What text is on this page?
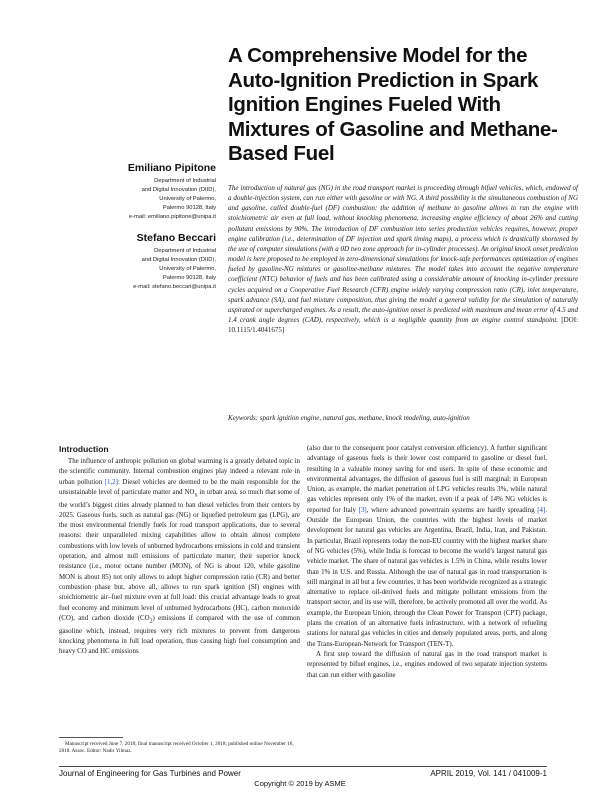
A Comprehensive Model for the Auto-Ignition Prediction in Spark Ignition Engines Fueled With Mixtures of Gasoline and Methane-Based Fuel
Emiliano Pipitone
Department of Industrial
and Digital Innovation (DIID),
University of Palermo,
Palermo 90128, Italy
e-mail: emiliano.pipitone@unipa.it
Stefano Beccari
Department of Industrial
and Digital Innovation (DIID),
University of Palermo,
Palermo 90128, Italy
e-mail: stefano.beccari@unipa.it
The introduction of natural gas (NG) in the road transport market is proceeding through bifuel vehicles, which, endowed of a double-injection system, can run either with gasoline or with NG. A third possibility is the simultaneous combustion of NG and gasoline, called double-fuel (DF) combustion: the addition of methane to gasoline allows to run the engine with stoichiometric air even at full load, without knocking phenomena, increasing engine efficiency of about 26% and cutting pollutant emissions by 90%. The introduction of DF combustion into series production vehicles requires, however, proper engine calibration (i.e., determination of DF injection and spark timing maps), a process which is drastically shortened by the use of computer simulations (with a 0D two zone approach for in-cylinder processes). An original knock onset prediction model is here proposed to be employed in zero-dimensional simulations for knock-safe performances optimization of engines fueled by gasoline-NG mixtures or gasoline-methane mixtures. The model takes into account the negative temperature coefficient (NTC) behavior of fuels and has been calibrated using a considerable amount of knocking in-cylinder pressure cycles acquired on a Cooperative Fuel Research (CFR) engine widely varying compression ratio (CR), inlet temperature, spark advance (SA), and fuel mixture composition, thus giving the model a general validity for the simulation of naturally aspirated or supercharged engines. As a result, the auto-ignition onset is predicted with maximum and mean error of 4.5 and 1.4 crank angle degrees (CAD), respectively, which is a negligible quantity from an engine control standpoint. [DOI: 10.1115/1.4041675]
Keywords: spark ignition engine, natural gas, methane, knock modeling, auto-ignition
Introduction

The influence of anthropic pollution on global warming is a greatly debated topic in the scientific community. Internal combustion engines play indeed a relevant role in urban pollution [1,2]: Diesel vehicles are deemed to be the main responsible for the unsustainable level of particulate matter and $NO_x$ in urban area, so much that some of the world’s biggest cities already planned to ban diesel vehicles from their centers by 2025. Gaseous fuels, such as natural gas (NG) or liquefied petroleum gas (LPG), are the most environmental friendly fuels for road transport applications, due to several reasons: their unparalleled mixing capabilities allow to obtain almost complete combustions with low levels of unburned hydrocarbons emissions in cold and transient operation, and almost null emissions of particulate matter; their superior knock resistance (i.e., motor octane number (MON), of NG is about 120, while gasoline MON is about 85) not only allows to adopt higher compression ratio (CR) and better combustion phase but, above all, allows to run spark ignition (SI) engines with stoichiometric air–fuel mixture even at full load: this crucial advantage leads to great fuel economy and minimum level of unburned hydrocarbons (HC), carbon monoxide (CO), and carbon dioxide $(CO_2)$ emissions if compared with the use of common gasoline which, instead, requires very rich mixtures to prevent from dangerous knocking phenomena in full load operation, thus causing high fuel consumption and heavy CO and HC emissions

(also due to the consequent poor catalyst conversion efficiency). A further significant advantage of gaseous fuels is their lower cost compared to gasoline or diesel fuel, resulting in a valuable money saving for end users. In spite of these economic and environmental advantages, the diffusion of gaseous fuel is still marginal: in European Union, as example, the market penetration of LPG vehicles results 3%, while natural gas vehicles represent only 1% of the market, even if a peak of 14% NG vehicles is reported for Italy [3], where advanced powertrain systems are hardly spreading [4]. Outside the European Union, the countries with the highest levels of market development for natural gas vehicles are Argentina, Brazil, India, Iran, and Pakistan. In particular, Brazil represents today the non-EU country with the highest market share of NG vehicles (5%), while India is forecast to become the world’s largest natural gas vehicle market. The share of natural gas vehicles is 1.5% in China, while results lower than 1% in U.S. and Russia. Although the use of natural gas in road transportation is still marginal in all but a few countries, it has been worldwide recognized as a strategic alternative to replace oil-derived fuels and mitigate pollutant emissions from the transport sector, and its use will, therefore, be actively promoted all over the world. As example, the European Union, through the Clean Power for Transport (CPT) package, plans the creation of an alternative fuels infrastructure, with a network of refueling stations for natural gas vehicles in cities and densely populated areas, ports, and along the Trans-European-Network for Transport (TEN-T).

A first step toward the diffusion of natural gas in the road transport market is represented by bifuel engines, i.e., engines endowed of two separate injection systems that can run either with gasoline

Manuscript received June 7, 2018; final manuscript received October 1, 2018; published online November 16, 2018. Assoc. Editor: Nadir Yilmaz.
Journal of Engineering for Gas Turbines and Power	APRIL 2019, Vol. 141 / 041009-1
Copyright © 2019 by ASME
